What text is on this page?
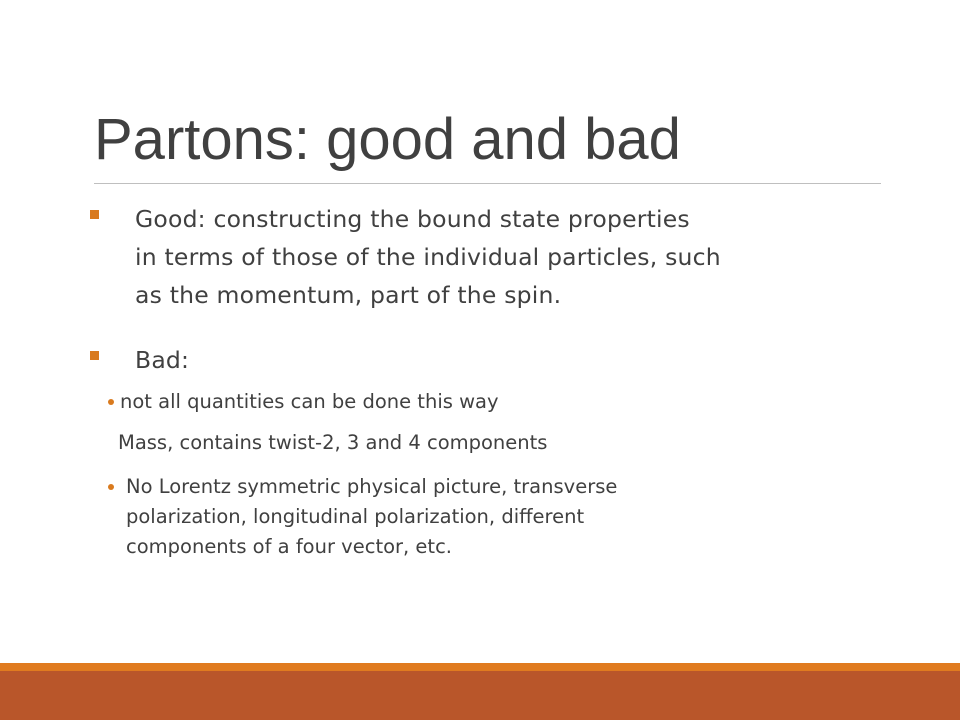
Partons: good and bad

Good: constructing the bound state properties
in terms of those of the individual particles, such
as the momentum, part of the spin.

Bad:

not all quantities can be done this way

Mass, contains twist-2, 3 and 4 components

No Lorentz symmetric physical picture, transverse
polarization, longitudinal polarization, different
components of a four vector, etc.
